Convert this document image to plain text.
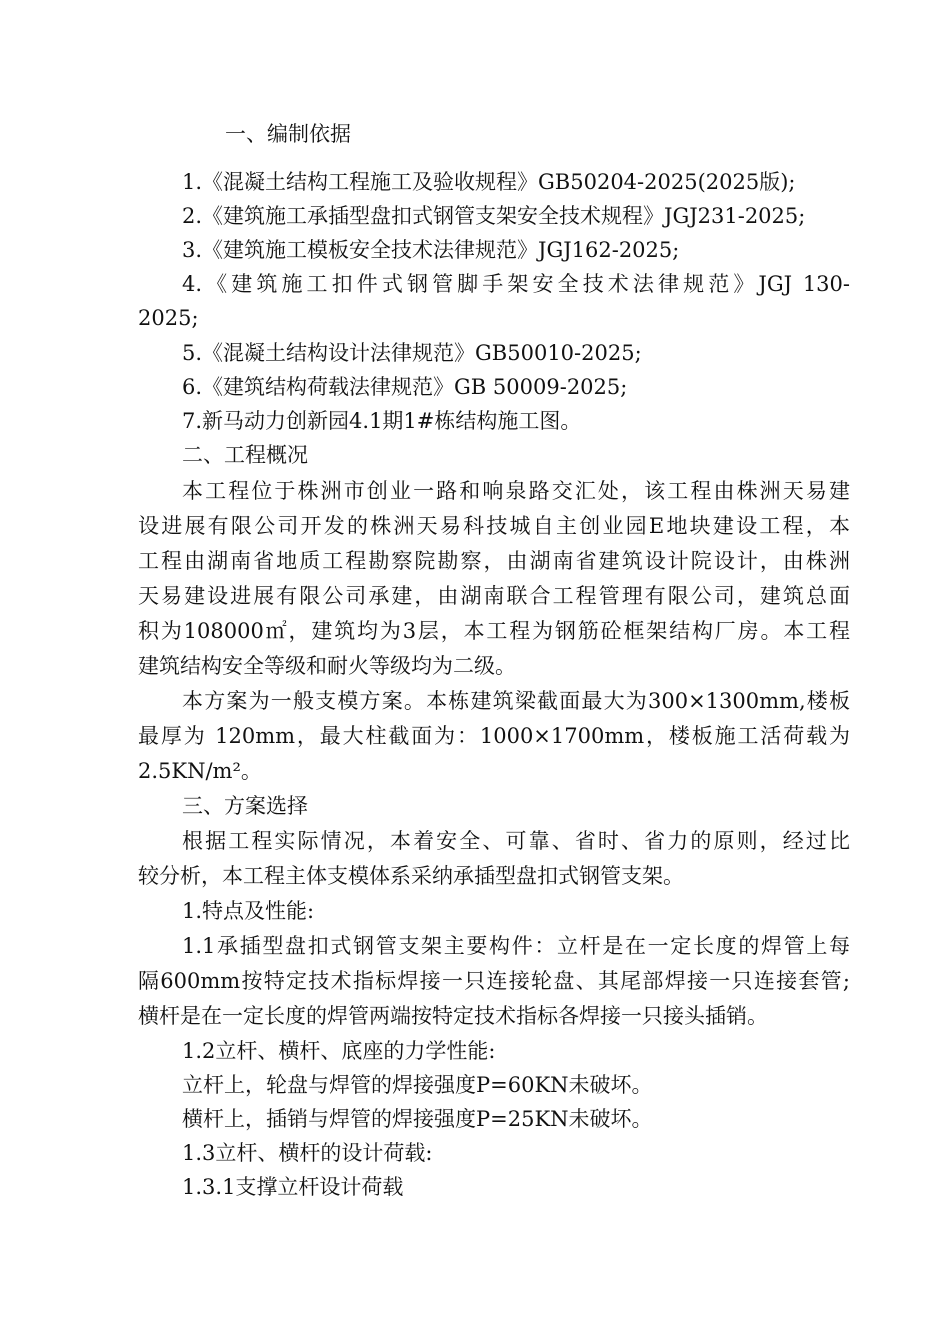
一、编制依据
1.《混凝土结构工程施工及验收规程》GB50204-2025(2025版);
2.《建筑施工承插型盘扣式钢管支架安全技术规程》JGJ231-2025;
3.《建筑施工模板安全技术法律规范》JGJ162-2025;
4.《建筑施工扣件式钢管脚手架安全技术法律规范》JGJ 130-
2025;
5.《混凝土结构设计法律规范》GB50010-2025;
6.《建筑结构荷载法律规范》GB 50009-2025;
7.新马动力创新园4.1期1#栋结构施工图。
二、工程概况
本工程位于株洲市创业一路和响泉路交汇处，该工程由株洲天易建
设进展有限公司开发的株洲天易科技城自主创业园E地块建设工程，本
工程由湖南省地质工程勘察院勘察，由湖南省建筑设计院设计，由株洲
天易建设进展有限公司承建，由湖南联合工程管理有限公司，建筑总面
积为108000㎡，建筑均为3层，本工程为钢筋砼框架结构厂房。本工程
建筑结构安全等级和耐火等级均为二级。
本方案为一般支模方案。本栋建筑梁截面最大为300×1300mm,楼板
最厚为 120mm，最大柱截面为：1000×1700mm，楼板施工活荷载为
2.5KN/m²。
三、方案选择
根据工程实际情况，本着安全、可靠、省时、省力的原则，经过比
较分析，本工程主体支模体系采纳承插型盘扣式钢管支架。
1.特点及性能:
1.1承插型盘扣式钢管支架主要构件：立杆是在一定长度的焊管上每
隔600mm按特定技术指标焊接一只连接轮盘、其尾部焊接一只连接套管;
横杆是在一定长度的焊管两端按特定技术指标各焊接一只接头插销。
1.2立杆、横杆、底座的力学性能:
立杆上，轮盘与焊管的焊接强度P=60KN未破坏。
横杆上，插销与焊管的焊接强度P=25KN未破坏。
1.3立杆、横杆的设计荷载:
1.3.1支撑立杆设计荷载
